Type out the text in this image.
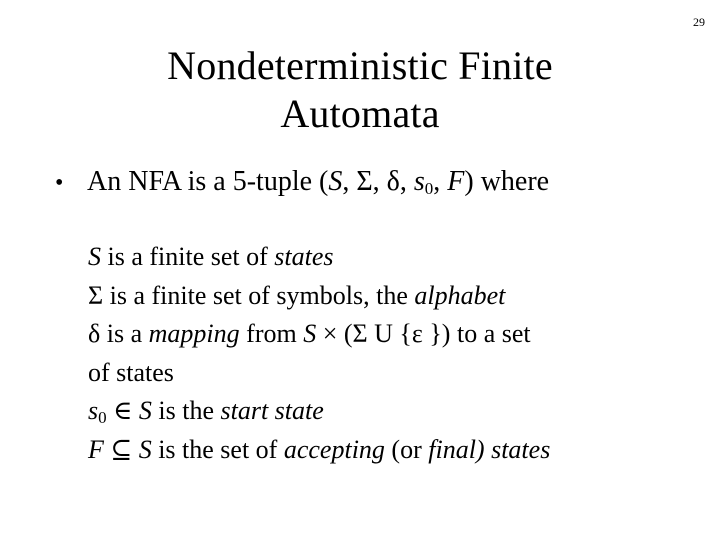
29
Nondeterministic Finite
Automata
• An NFA is a 5-tuple (S, Σ, δ, $s_0$, F) where
S is a finite set of states
Σ is a finite set of symbols, the alphabet
δ is a mapping from S × (Σ U {ε }) to a set
of states
$s_0$ ∈ S is the start state
F ⊆ S is the set of accepting (or final) states
